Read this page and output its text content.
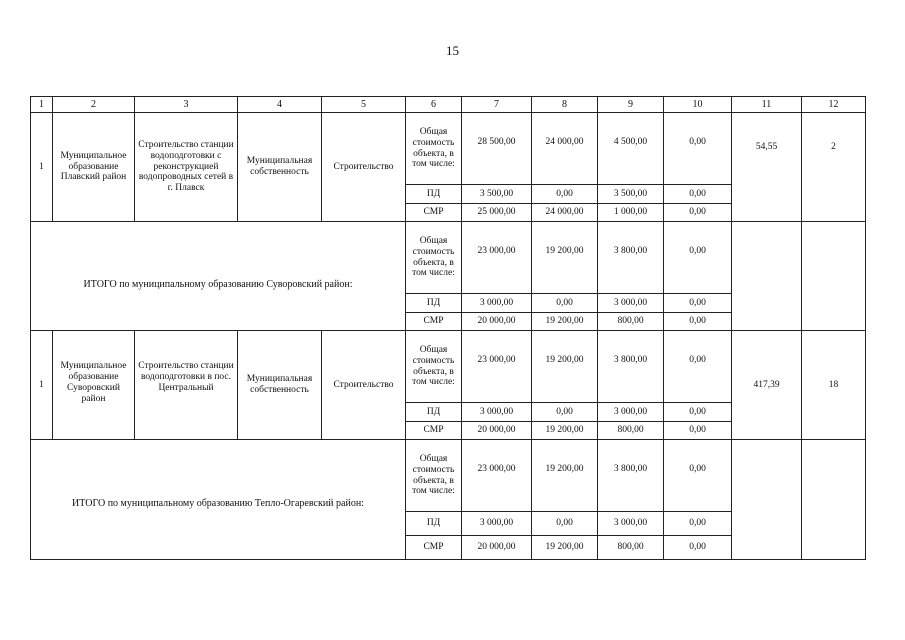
15
1	2	3	4	5	6	7	8	9	10	11	12
1	Муниципальное образование Плавский район	Строительство станции водоподготовки с реконструкцией водопроводных сетей в г. Плавск	Муниципальная собственность	Строительство	Общая стоимость объекта, в том числе:	28 500,00	24 000,00	4 500,00	0,00	54,55	2
					ПД	3 500,00	0,00	3 500,00	0,00		
					СМР	25 000,00	24 000,00	1 000,00	0,00		
ИТОГО по муниципальному образованию Суворовский район:					Общая стоимость объекта, в том числе:	23 000,00	19 200,00	3 800,00	0,00		
					ПД	3 000,00	0,00	3 000,00	0,00		
					СМР	20 000,00	19 200,00	800,00	0,00		
1	Муниципальное образование Суворовский район	Строительство станции водоподготовки в пос. Центральный	Муниципальная собственность	Строительство	Общая стоимость объекта, в том числе:	23 000,00	19 200,00	3 800,00	0,00	417,39	18
					ПД	3 000,00	0,00	3 000,00	0,00		
					СМР	20 000,00	19 200,00	800,00	0,00		
ИТОГО по муниципальному образованию Тепло-Огаревский район:					Общая стоимость объекта, в том числе:	23 000,00	19 200,00	3 800,00	0,00		
					ПД	3 000,00	0,00	3 000,00	0,00		
					СМР	20 000,00	19 200,00	800,00	0,00		
